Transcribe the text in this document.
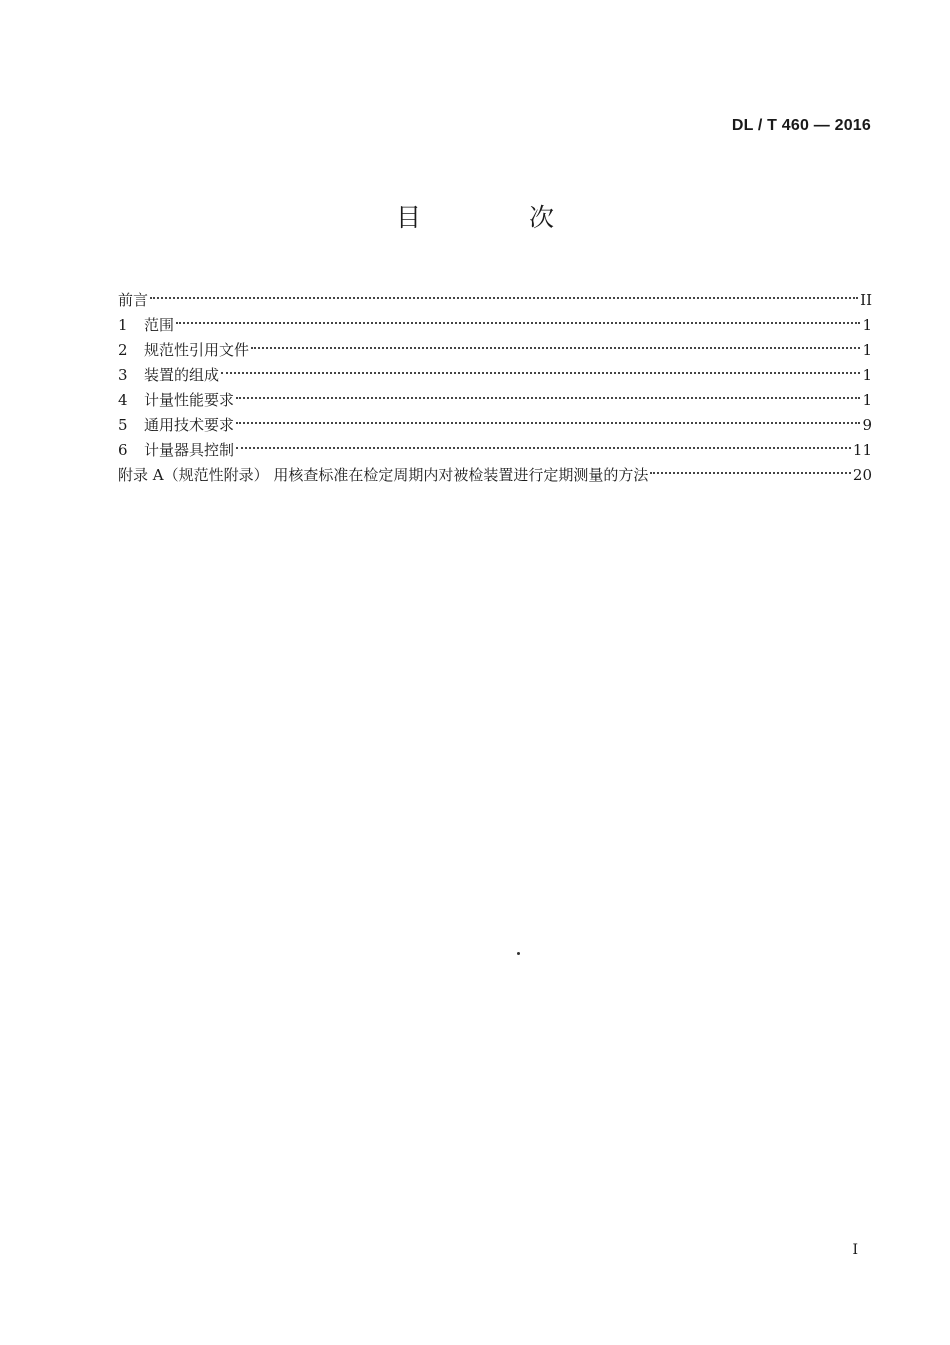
DL / T 460 — 2016
目 次
前言	II
1	范围	1
2	规范性引用文件	1
3	装置的组成	1
4	计量性能要求	1
5	通用技术要求	9
6	计量器具控制	11
附录 A（规范性附录） 用核查标准在检定周期内对被检装置进行定期测量的方法	20
I
